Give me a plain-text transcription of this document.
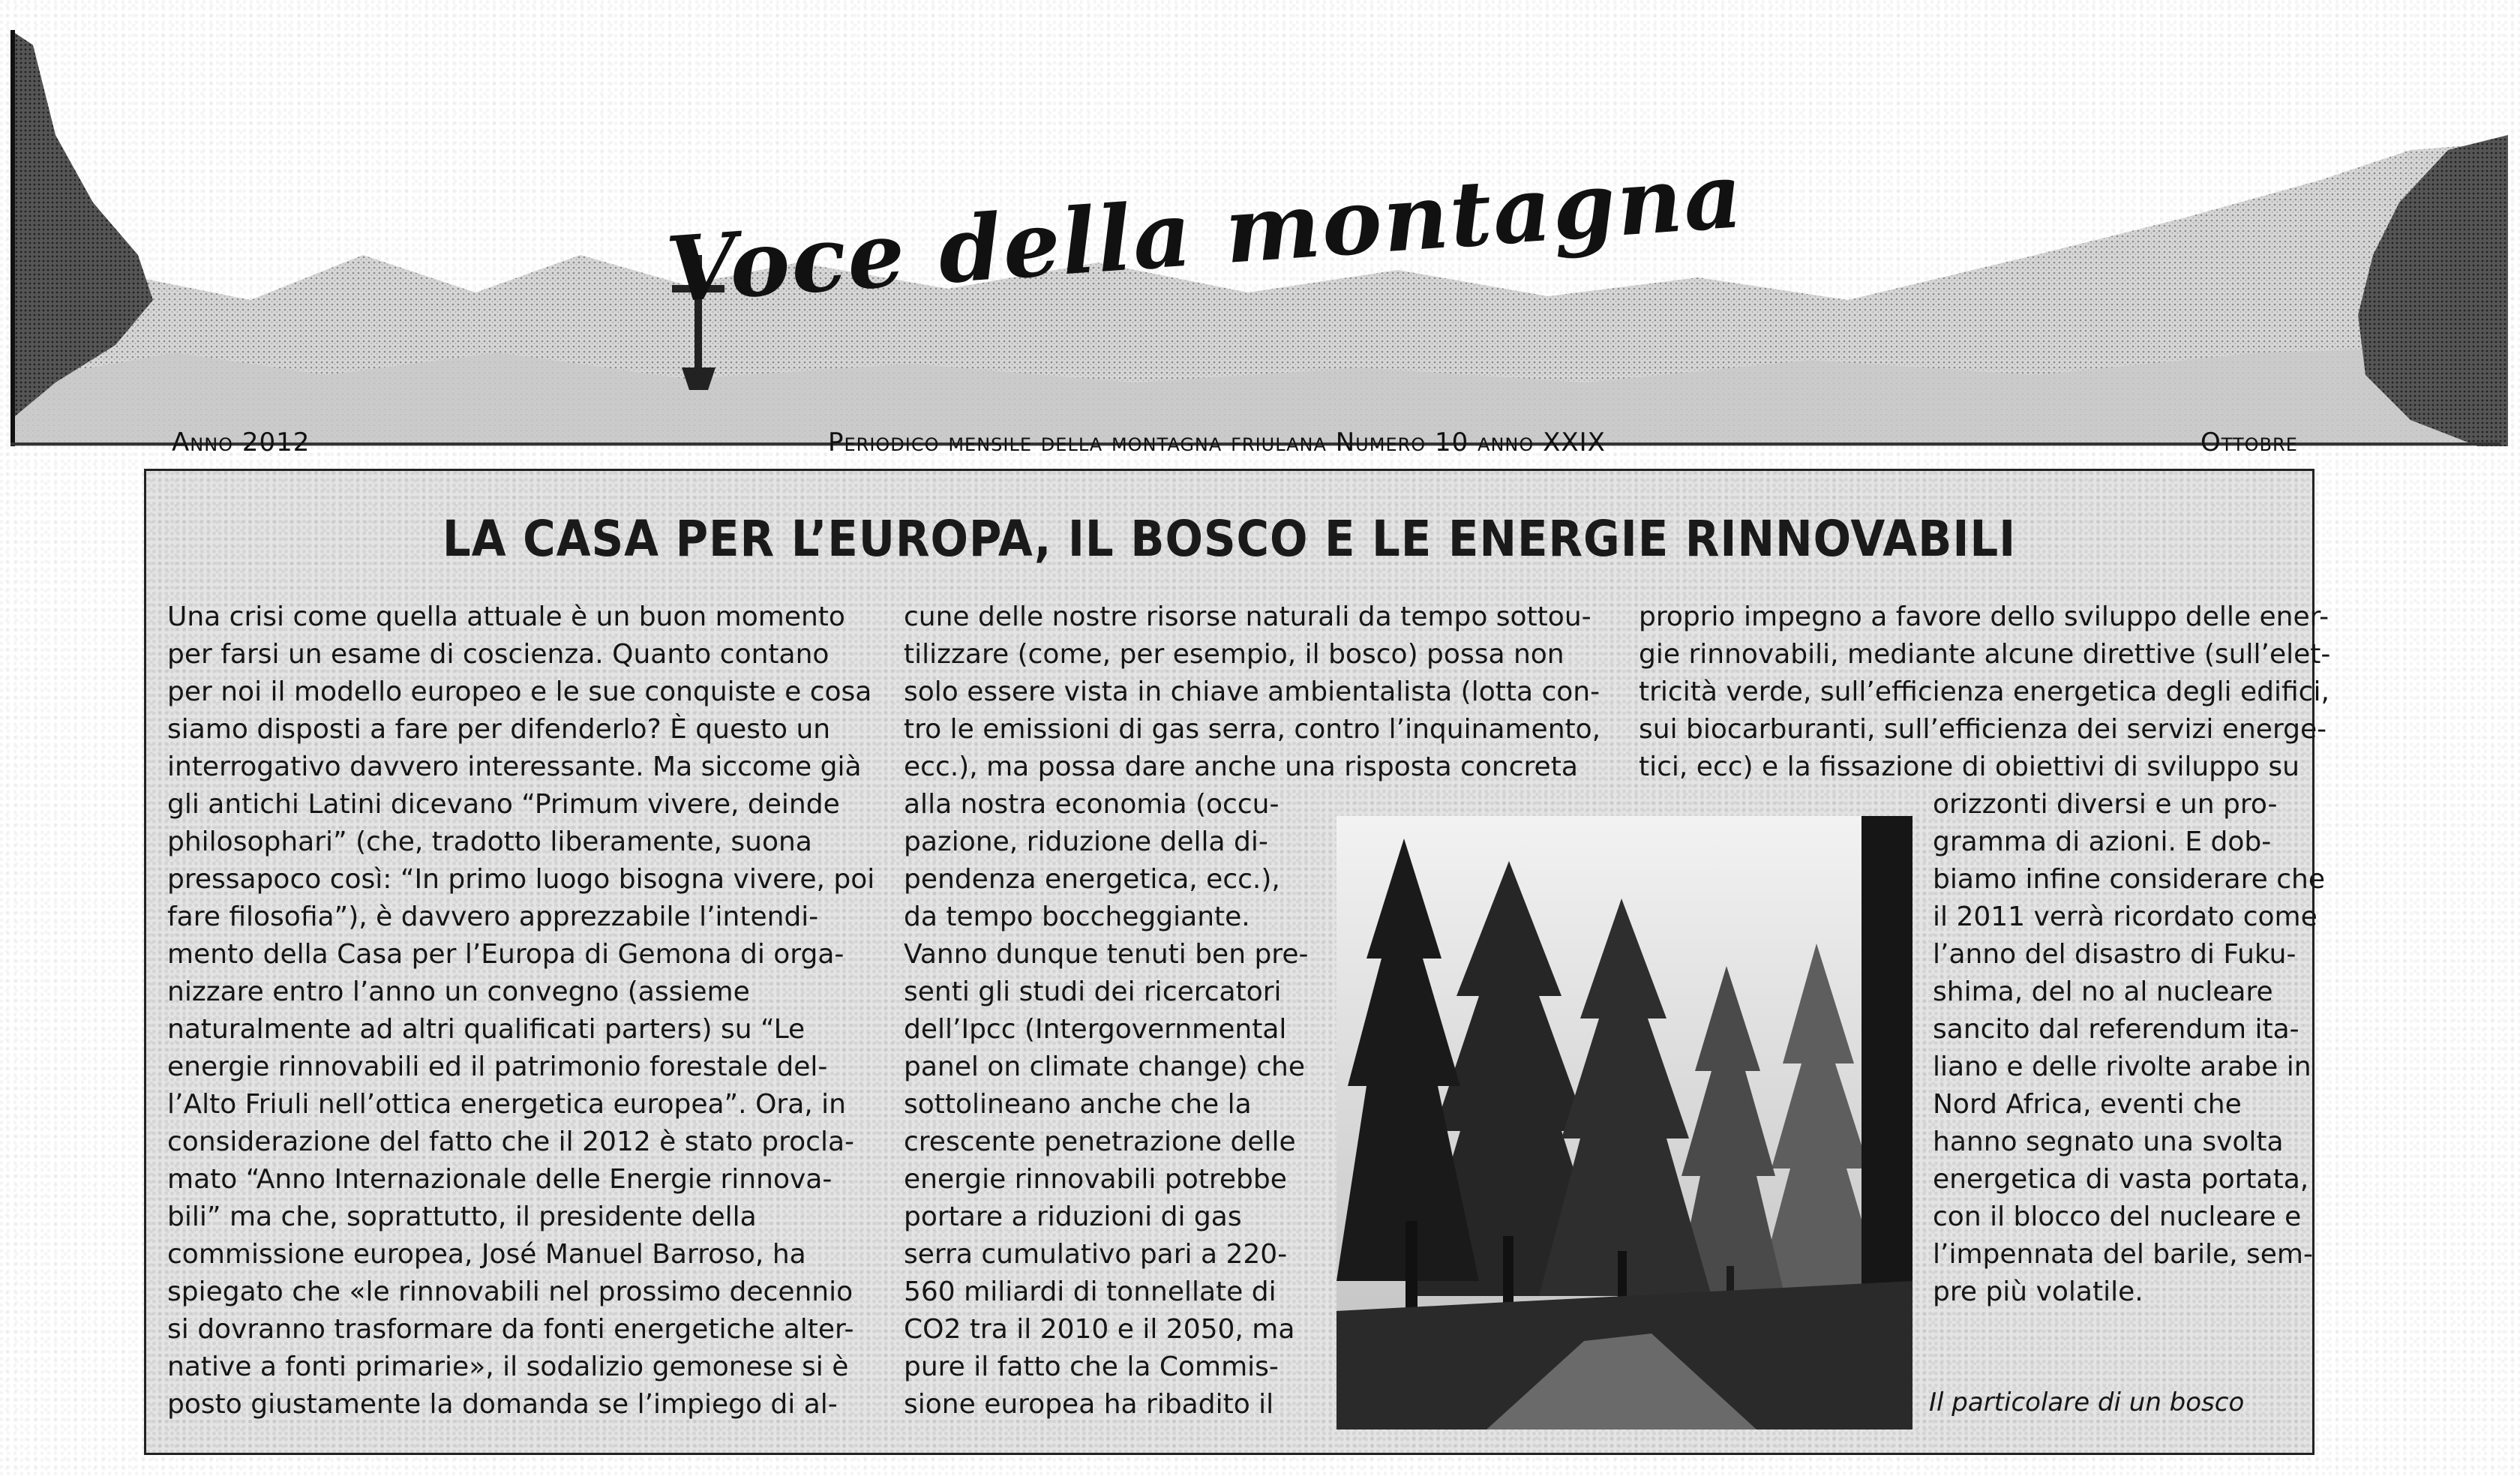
Voce della montagna
Anno 2012	Periodico mensile della montagna friulana Numero 10 anno XXIX	Ottobre
LA CASA PER L’EUROPA, IL BOSCO E LE ENERGIE RINNOVABILI
Una crisi come quella attuale è un buon momento
per farsi un esame di coscienza. Quanto contano
per noi il modello europeo e le sue conquiste e cosa
siamo disposti a fare per difenderlo? È questo un
interrogativo davvero interessante. Ma siccome già
gli antichi Latini dicevano “Primum vivere, deinde
philosophari” (che, tradotto liberamente, suona
pressapoco così: “In primo luogo bisogna vivere, poi
fare filosofia”), è davvero apprezzabile l’intendi-
mento della Casa per l’Europa di Gemona di orga-
nizzare entro l’anno un convegno (assieme
naturalmente ad altri qualificati parters) su “Le
energie rinnovabili ed il patrimonio forestale del-
l’Alto Friuli nell’ottica energetica europea”. Ora, in
considerazione del fatto che il 2012 è stato procla-
mato “Anno Internazionale delle Energie rinnova-
bili” ma che, soprattutto, il presidente della
commissione europea, José Manuel Barroso, ha
spiegato che «le rinnovabili nel prossimo decennio
si dovranno trasformare da fonti energetiche alter-
native a fonti primarie», il sodalizio gemonese si è
posto giustamente la domanda se l’impiego di al-
cune delle nostre risorse naturali da tempo sottou-
tilizzare (come, per esempio, il bosco) possa non
solo essere vista in chiave ambientalista (lotta con-
tro le emissioni di gas serra, contro l’inquinamento,
ecc.), ma possa dare anche una risposta concreta
alla nostra economia (occu-
pazione, riduzione della di-
pendenza energetica, ecc.),
da tempo boccheggiante.
Vanno dunque tenuti ben pre-
senti gli studi dei ricercatori
dell’Ipcc (Intergovernmental
panel on climate change) che
sottolineano anche che la
crescente penetrazione delle
energie rinnovabili potrebbe
portare a riduzioni di gas
serra cumulativo pari a 220-
560 miliardi di tonnellate di
CO2 tra il 2010 e il 2050, ma
pure il fatto che la Commis-
sione europea ha ribadito il
proprio impegno a favore dello sviluppo delle ener-
gie rinnovabili, mediante alcune direttive (sull’elet-
tricità verde, sull’efficienza energetica degli edifici,
sui biocarburanti, sull’efficienza dei servizi energe-
tici, ecc) e la fissazione di obiettivi di sviluppo su
orizzonti diversi e un pro-
gramma di azioni. E dob-
biamo infine considerare che
il 2011 verrà ricordato come
l’anno del disastro di Fuku-
shima, del no al nucleare
sancito dal referendum ita-
liano e delle rivolte arabe in
Nord Africa, eventi che
hanno segnato una svolta
energetica di vasta portata,
con il blocco del nucleare e
l’impennata del barile, sem-
pre più volatile.
Il particolare di un bosco
